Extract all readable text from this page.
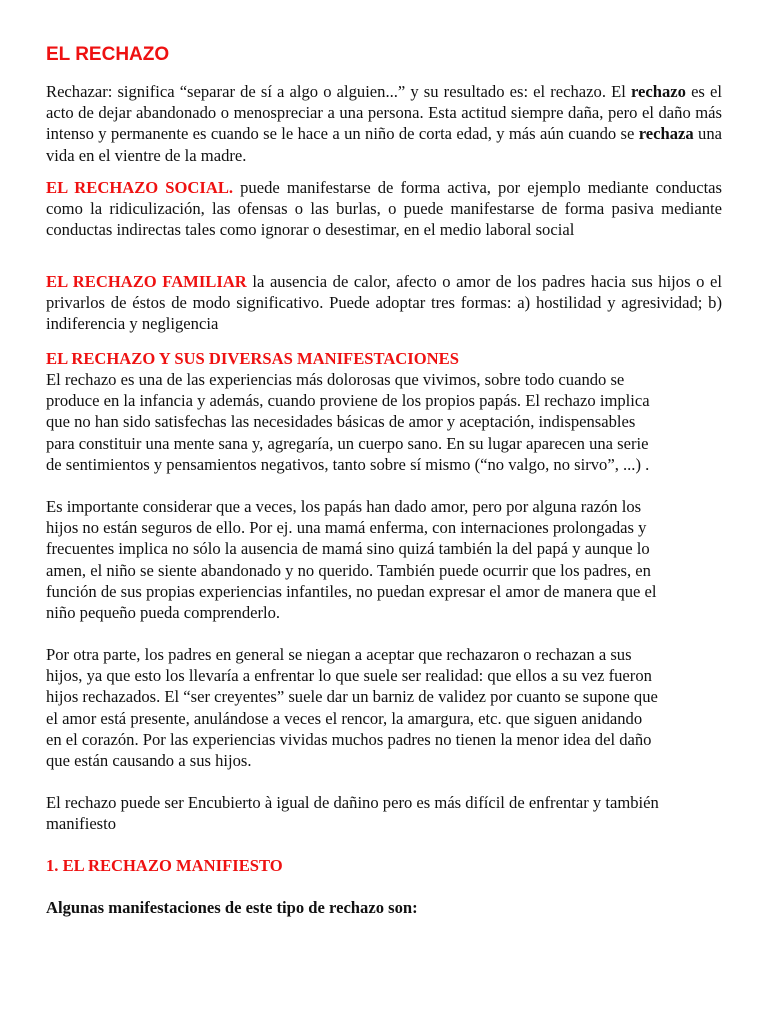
EL RECHAZO

Rechazar: significa “separar de sí a algo o alguien...” y su resultado es: el rechazo. El rechazo es el acto de dejar abandonado o menospreciar a una persona. Esta actitud siempre daña, pero el daño más intenso y permanente es cuando se le hace a un niño de corta edad, y más aún cuando se rechaza una vida en el vientre de la madre.

EL RECHAZO SOCIAL. puede manifestarse de forma activa, por ejemplo mediante conductas como la ridiculización, las ofensas o las burlas, o puede manifestarse de forma pasiva mediante conductas indirectas tales como ignorar o desestimar, en el medio laboral social

EL RECHAZO FAMILIAR la ausencia de calor, afecto o amor de los padres hacia sus hijos o el privarlos de éstos de modo significativo. Puede adoptar tres formas: a) hostilidad y agresividad; b) indiferencia y negligencia

EL RECHAZO Y SUS DIVERSAS MANIFESTACIONES
El rechazo es una de las experiencias más dolorosas que vivimos, sobre todo cuando se
produce en la infancia y además, cuando proviene de los propios papás. El rechazo implica
que no han sido satisfechas las necesidades básicas de amor y aceptación, indispensables
para constituir una mente sana y, agregaría, un cuerpo sano. En su lugar aparecen una serie
de sentimientos y pensamientos negativos, tanto sobre sí mismo (“no valgo, no sirvo”, ...) .
Es importante considerar que a veces, los papás han dado amor, pero por alguna razón los
hijos no están seguros de ello. Por ej. una mamá enferma, con internaciones prolongadas y
frecuentes implica no sólo la ausencia de mamá sino quizá también la del papá y aunque lo
amen, el niño se siente abandonado y no querido. También puede ocurrir que los padres, en
función de sus propias experiencias infantiles, no puedan expresar el amor de manera que el
niño pequeño pueda comprenderlo.
Por otra parte, los padres en general se niegan a aceptar que rechazaron o rechazan a sus
hijos, ya que esto los llevaría a enfrentar lo que suele ser realidad: que ellos a su vez fueron
hijos rechazados. El “ser creyentes” suele dar un barniz de validez por cuanto se supone que
el amor está presente, anulándose a veces el rencor, la amargura, etc. que siguen anidando
en el corazón. Por las experiencias vividas muchos padres no tienen la menor idea del daño
que están causando a sus hijos.
El rechazo puede ser Encubierto à igual de dañino pero es más difícil de enfrentar y también
manifiesto
1. EL RECHAZO MANIFIESTO

Algunas manifestaciones de este tipo de rechazo son:
